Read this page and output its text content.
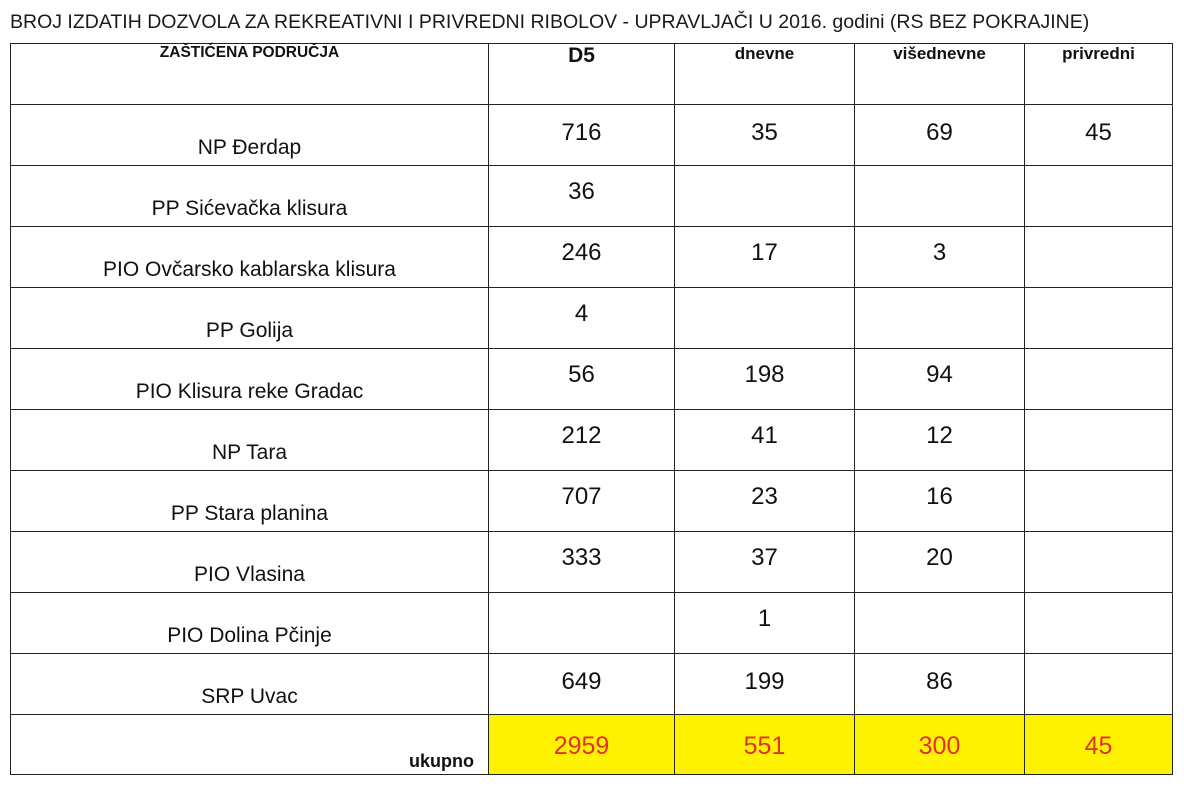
BROJ IZDATIH DOZVOLA ZA REKREATIVNI I PRIVREDNI RIBOLOV - UPRAVLJAČI U 2016. godini (RS BEZ POKRAJINE)
ZAŠTIĆENA PODRUČJA	D5	dnevne	višednevne	privredni
NP Đerdap	716	35	69	45
PP Sićevačka klisura	36			
PIO Ovčarsko kablarska klisura	246	17	3	
PP Golija	4			
PIO Klisura reke Gradac	56	198	94	
NP Tara	212	41	12	
PP Stara planina	707	23	16	
PIO Vlasina	333	37	20	
PIO Dolina Pčinje		1		
SRP Uvac	649	199	86	
ukupno	2959	551	300	45
